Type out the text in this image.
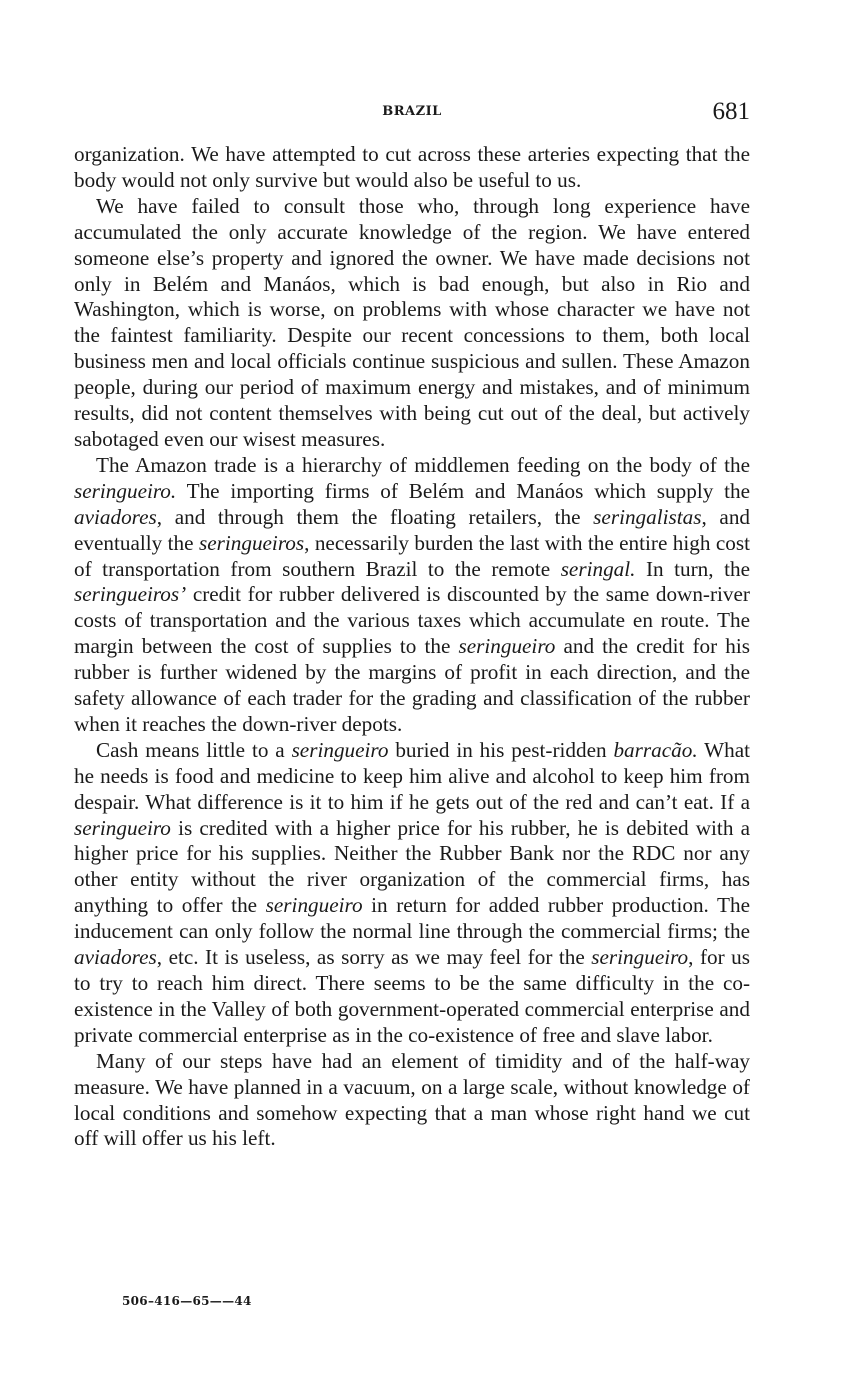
BRAZIL	681

organization. We have attempted to cut across these arteries expecting that the body would not only survive but would also be useful to us.

We have failed to consult those who, through long experience have accumulated the only accurate knowledge of the region. We have entered someone else’s property and ignored the owner. We have made decisions not only in Belém and Manáos, which is bad enough, but also in Rio and Washington, which is worse, on problems with whose character we have not the faintest familiarity. Despite our recent concessions to them, both local business men and local officials continue suspicious and sullen. These Amazon people, during our period of maximum energy and mistakes, and of minimum results, did not content themselves with being cut out of the deal, but actively sabotaged even our wisest measures.

The Amazon trade is a hierarchy of middlemen feeding on the body of the seringueiro. The importing firms of Belém and Manáos which supply the aviadores, and through them the floating retailers, the seringalistas, and eventually the seringueiros, necessarily burden the last with the entire high cost of transportation from southern Brazil to the remote seringal. In turn, the seringueiros’ credit for rubber delivered is discounted by the same down-river costs of transportation and the various taxes which accumulate en route. The margin between the cost of supplies to the seringueiro and the credit for his rubber is further widened by the margins of profit in each direction, and the safety allowance of each trader for the grading and classification of the rubber when it reaches the down-river depots.

Cash means little to a seringueiro buried in his pest-ridden barracão. What he needs is food and medicine to keep him alive and alcohol to keep him from despair. What difference is it to him if he gets out of the red and can’t eat. If a seringueiro is credited with a higher price for his rubber, he is debited with a higher price for his supplies. Neither the Rubber Bank nor the RDC nor any other entity without the river organization of the commercial firms, has anything to offer the seringueiro in return for added rubber production. The inducement can only follow the normal line through the commercial firms; the aviadores, etc. It is useless, as sorry as we may feel for the seringueiro, for us to try to reach him direct. There seems to be the same difficulty in the co-existence in the Valley of both government-operated commercial enterprise and private commercial enterprise as in the co-existence of free and slave labor.

Many of our steps have had an element of timidity and of the half-way measure. We have planned in a vacuum, on a large scale, without knowledge of local conditions and somehow expecting that a man whose right hand we cut off will offer us his left.

506–416—65——44
